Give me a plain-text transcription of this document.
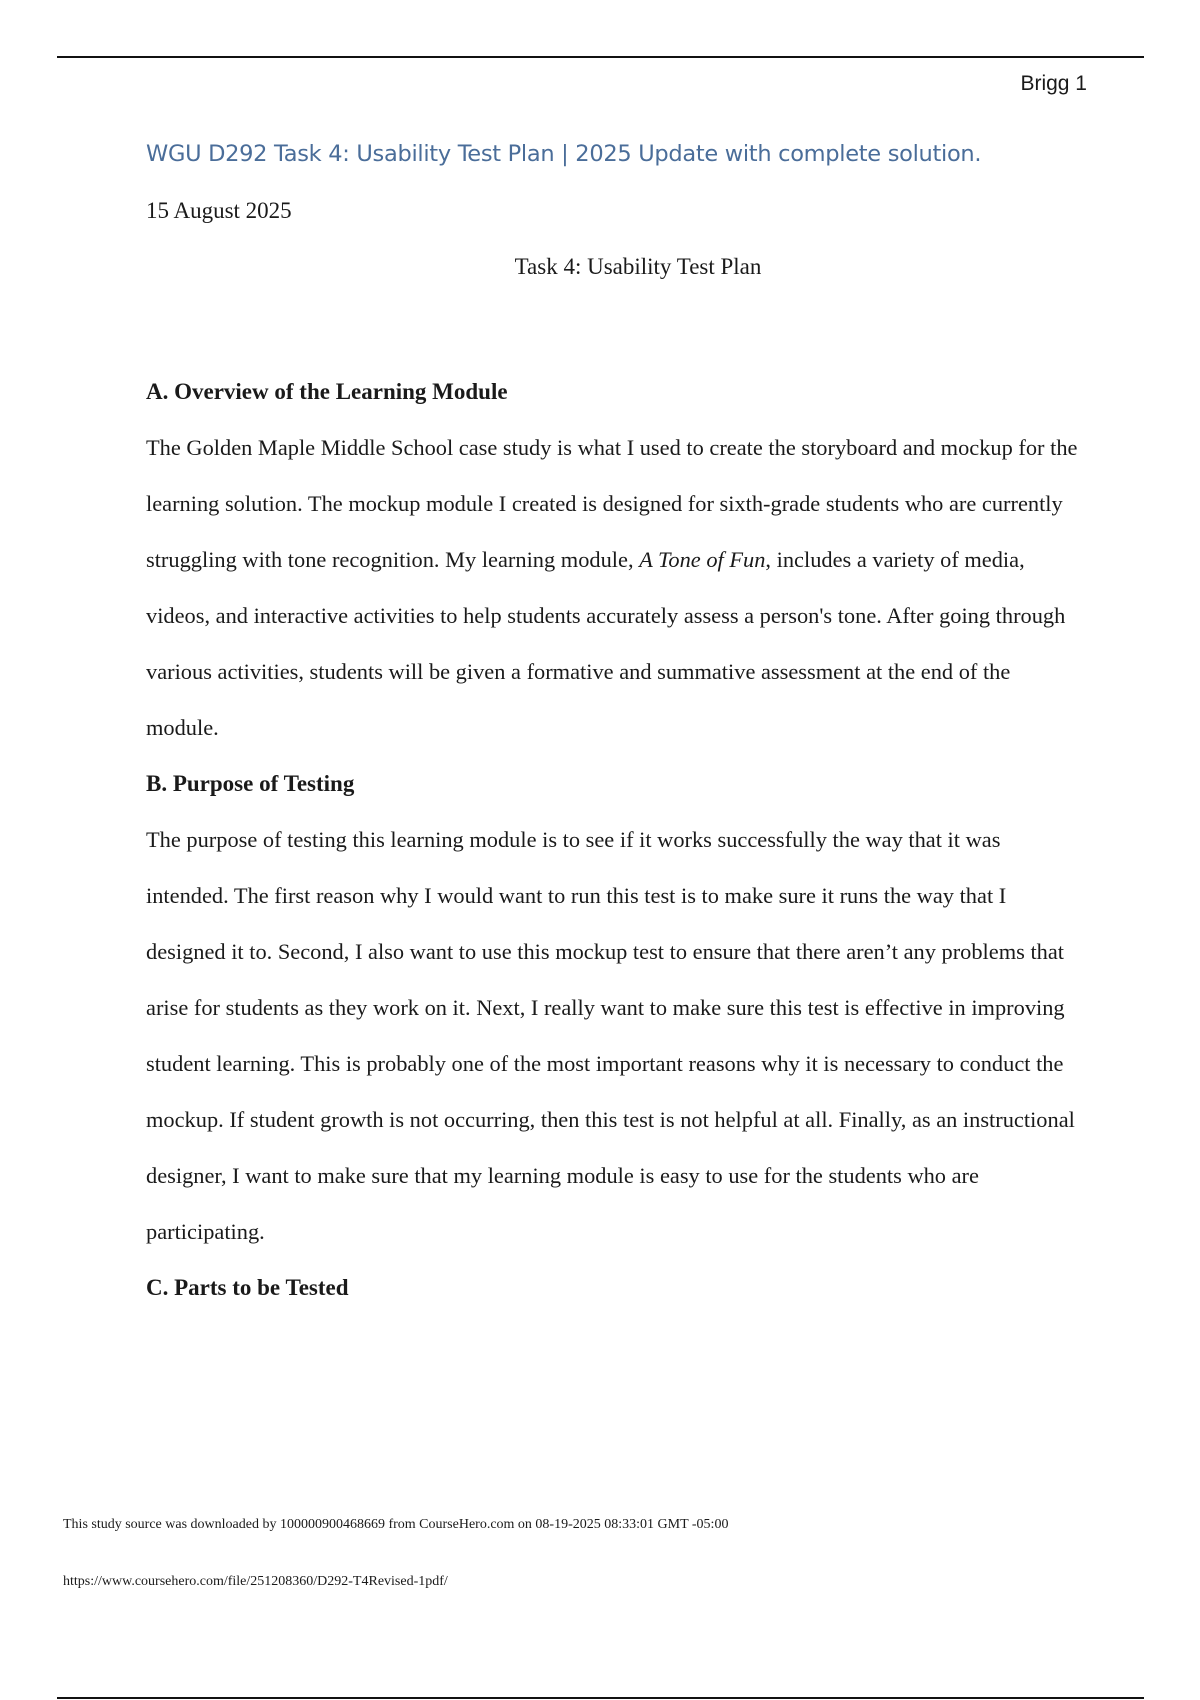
Brigg 1
WGU D292 Task 4: Usability Test Plan | 2025 Update with complete solution.
15 August 2025
Task 4: Usability Test Plan
A. Overview of the Learning Module

The Golden Maple Middle School case study is what I used to create the storyboard and mockup for the learning solution. The mockup module I created is designed for sixth-grade students who are currently struggling with tone recognition. My learning module, A Tone of Fun, includes a variety of media, videos, and interactive activities to help students accurately assess a person's tone. After going through various activities, students will be given a formative and summative assessment at the end of the module.

B. Purpose of Testing

The purpose of testing this learning module is to see if it works successfully the way that it was intended. The first reason why I would want to run this test is to make sure it runs the way that I designed it to. Second, I also want to use this mockup test to ensure that there aren’t any problems that arise for students as they work on it. Next, I really want to make sure this test is effective in improving student learning. This is probably one of the most important reasons why it is necessary to conduct the mockup. If student growth is not occurring, then this test is not helpful at all. Finally, as an instructional designer, I want to make sure that my learning module is easy to use for the students who are participating.

C. Parts to be Tested
This study source was downloaded by 100000900468669 from CourseHero.com on 08-19-2025 08:33:01 GMT -05:00
https://www.coursehero.com/file/251208360/D292-T4Revised-1pdf/
